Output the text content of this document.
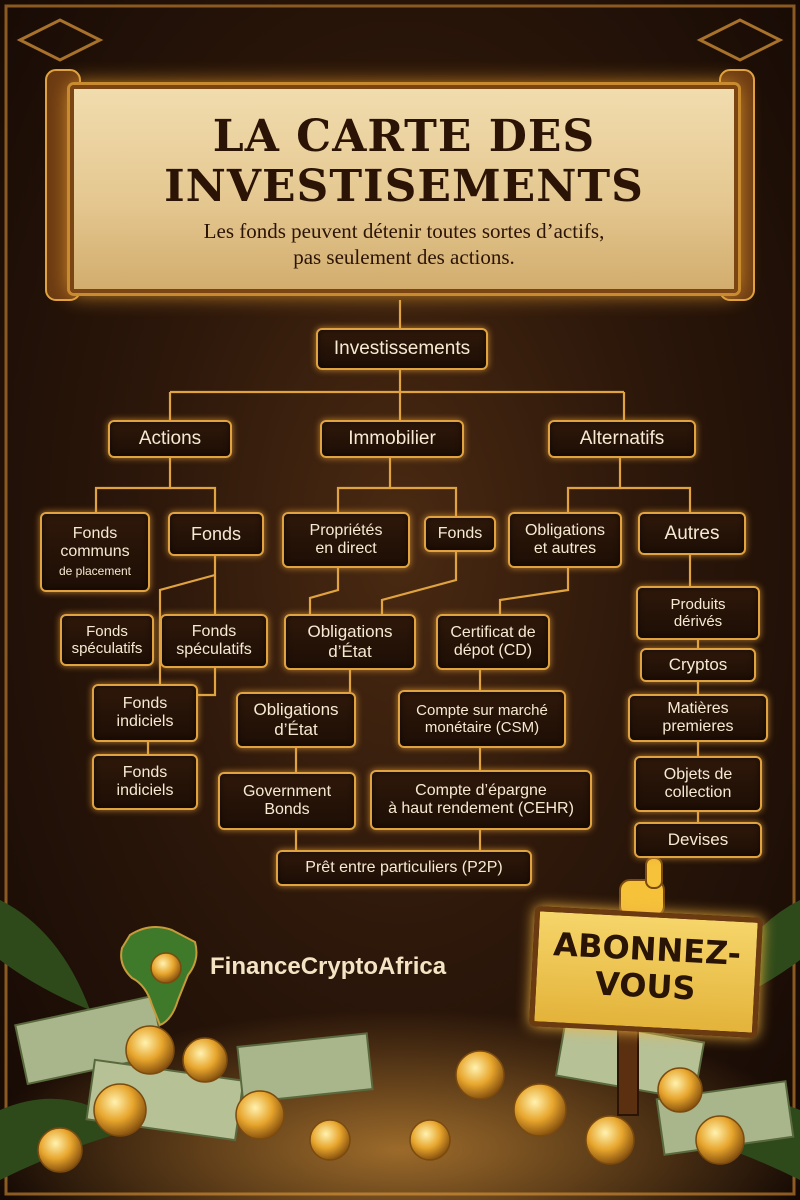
LA CARTE DES
INVESTISEMENTS
Les fonds peuvent détenir toutes sortes d’actifs,
pas seulement des actions.
Investissements
Actions	Immobilier	Alternatifs
Fonds
communs
de placement
Fonds	Propriétés
en direct
Fonds	Obligations
et autres
Autres
Fonds
spéculatifs
Fonds
spéculatifs
Obligations
d’État
Certificat de
dépot (CD)
Produits
dérivés
Cryptos
Fonds
indiciels
Obligations
d’État
Compte sur marché
monétaire (CSM)
Matières
premieres
Fonds
indiciels	Government
Bonds
Compte d’épargne
à haut rendement (CEHR)
Objets de
collection
Devises
Prêt entre particuliers (P2P)
FinanceCryptoAfrica	ABONNEZ-
VOUS
